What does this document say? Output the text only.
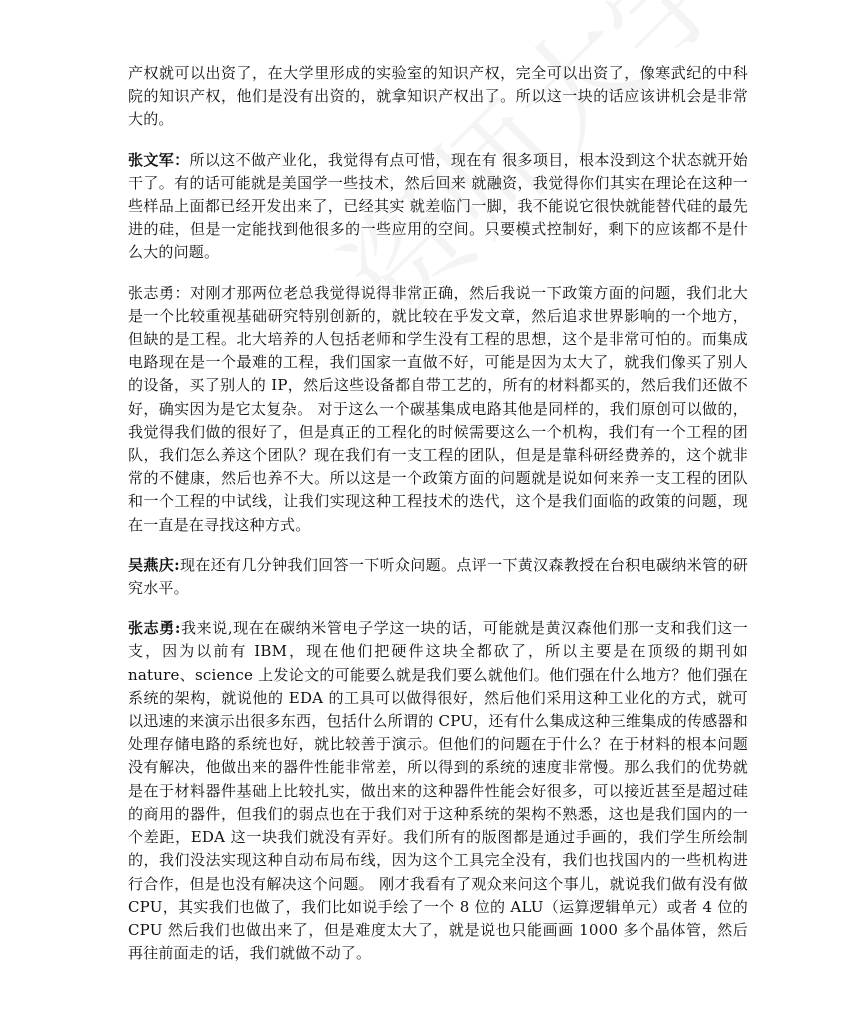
产权就可以出资了，在大学里形成的实验室的知识产权，完全可以出资了，像寒武纪的中科院的知识产权，他们是没有出资的，就拿知识产权出了。所以这一块的话应该讲机会是非常大的。

张文军：所以这不做产业化，我觉得有点可惜，现在有 很多项目，根本没到这个状态就开始干了。有的话可能就是美国学一些技术，然后回来 就融资，我觉得你们其实在理论在这种一些样品上面都已经开发出来了，已经其实 就差临门一脚，我不能说它很快就能替代硅的最先进的硅，但是一定能找到他很多的一些应用的空间。只要模式控制好，剩下的应该都不是什么大的问题。

张志勇：对刚才那两位老总我觉得说得非常正确，然后我说一下政策方面的问题，我们北大是一个比较重视基础研究特别创新的，就比较在乎发文章，然后追求世界影响的一个地方，但缺的是工程。北大培养的人包括老师和学生没有工程的思想，这个是非常可怕的。而集成电路现在是一个最难的工程，我们国家一直做不好，可能是因为太大了，就我们像买了别人的设备，买了别人的 IP，然后这些设备都自带工艺的，所有的材料都买的，然后我们还做不好，确实因为是它太复杂。 对于这么一个碳基集成电路其他是同样的，我们原创可以做的，我觉得我们做的很好了，但是真正的工程化的时候需要这么一个机构，我们有一个工程的团队，我们怎么养这个团队？现在我们有一支工程的团队，但是是靠科研经费养的，这个就非常的不健康，然后也养不大。所以这是一个政策方面的问题就是说如何来养一支工程的团队和一个工程的中试线，让我们实现这种工程技术的迭代，这个是我们面临的政策的问题，现在一直是在寻找这种方式。

吴燕庆:现在还有几分钟我们回答一下听众问题。点评一下黄汉森教授在台积电碳纳米管的研究水平。

张志勇:我来说,现在在碳纳米管电子学这一块的话，可能就是黄汉森他们那一支和我们这一支，因为以前有 IBM，现在他们把硬件这块全都砍了，所以主要是在顶级的期刊如 nature、science 上发论文的可能要么就是我们要么就他们。他们强在什么地方？他们强在系统的架构，就说他的 EDA 的工具可以做得很好，然后他们采用这种工业化的方式，就可以迅速的来演示出很多东西，包括什么所谓的 CPU，还有什么集成这种三维集成的传感器和处理存储电路的系统也好，就比较善于演示。但他们的问题在于什么？在于材料的根本问题没有解决，他做出来的器件性能非常差，所以得到的系统的速度非常慢。那么我们的优势就是在于材料器件基础上比较扎实，做出来的这种器件性能会好很多，可以接近甚至是超过硅的商用的器件，但我们的弱点也在于我们对于这种系统的架构不熟悉，这也是我们国内的一个差距，EDA 这一块我们就没有弄好。我们所有的版图都是通过手画的，我们学生所绘制的，我们没法实现这种自动布局布线，因为这个工具完全没有，我们也找国内的一些机构进行合作，但是也没有解决这个问题。 刚才我看有了观众来问这个事儿，就说我们做有没有做 CPU，其实我们也做了，我们比如说手绘了一个 8 位的 ALU（运算逻辑单元）或者 4 位的 CPU 然后我们也做出来了，但是难度太大了，就是说也只能画画 1000 多个晶体管，然后再往前面走的话，我们就做不动了。
